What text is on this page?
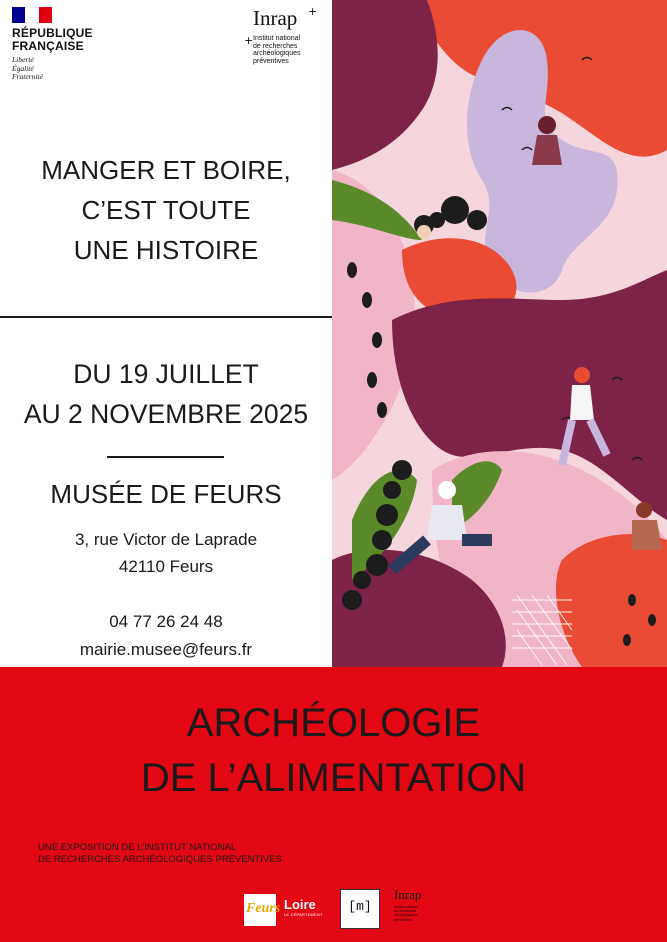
RÉPUBLIQUE
FRANÇAISE
Liberté
Égalité
Fraternité
+
+
Inrap
Institut national
de recherches
archéologiques
préventives
MANGER ET BOIRE,
C’EST TOUTE
UNE HISTOIRE
DU 19 JUILLET
AU 2 NOVEMBRE 2025
MUSÉE DE FEURS
3, rue Victor de Laprade
42110 Feurs
04 77 26 24 48
mairie.musee@feurs.fr
ARCHÉOLOGIE
DE L’ALIMENTATION
UNE EXPOSITION DE L’INSTITUT NATIONAL
DE RECHERCHES ARCHÉOLOGIQUES PRÉVENTIVES
Feurs Loire
LE DÉPARTEMENT
[m]
Inrap
Institut national
de recherches
archéologiques
préventives
